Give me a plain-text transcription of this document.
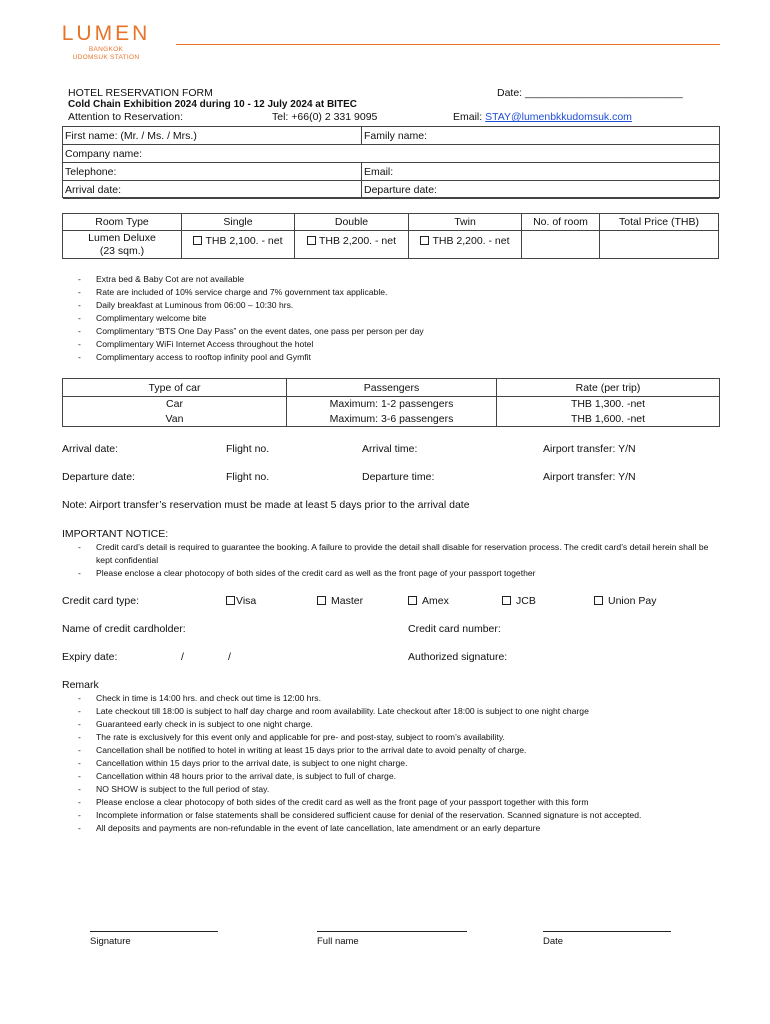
LUMEN
BANGKOK
UDOMSUK STATION
HOTEL RESERVATION FORM	Date: ___________________________
Cold Chain Exhibition 2024 during 10 - 12 July 2024 at BITEC
Attention to Reservation:	Tel: +66(0) 2 331 9095	Email: STAY@lumenbkkudomsuk.com
First name: (Mr. / Ms. / Mrs.)	Family name:
Company name:
Telephone:	Email:
Arrival date:	Departure date:
Room Type	Single	Double	Twin	No. of room	Total Price (THB)

Lumen Deluxe
(23 sqm.)	THB 2,100. - net	THB 2,200. - net	THB 2,200. - net		
- Extra bed & Baby Cot are not available
- Rate are included of 10% service charge and 7% government tax applicable.
- Daily breakfast at Luminous from 06:00 – 10:30 hrs.
- Complimentary welcome bite
- Complimentary “BTS One Day Pass” on the event dates, one pass per person per day
- Complimentary WiFi Internet Access throughout the hotel
- Complimentary access to rooftop infinity pool and Gymfit
Type of car	Passengers	Rate (per trip)
Car	Maximum: 1-2 passengers	THB 1,300. -net
Van	Maximum: 3-6 passengers	THB 1,600. -net
Arrival date:	Flight no.	Arrival time:	Airport transfer: Y/N
Departure date:	Flight no.	Departure time:	Airport transfer: Y/N
Note: Airport transfer’s reservation must be made at least 5 days prior to the arrival date
IMPORTANT NOTICE:
- Credit card’s detail is required to guarantee the booking. A failure to provide the detail shall disable for reservation process. The credit card’s detail herein shall be kept confidential
- Please enclose a clear photocopy of both sides of the credit card as well as the front page of your passport together
Credit card type:	Visa	Master	Amex	JCB	Union Pay
Name of credit cardholder:	Credit card number:
Expiry date:	/	/	Authorized signature:
Remark
- Check in time is 14:00 hrs. and check out time is 12:00 hrs.
- Late checkout till 18:00 is subject to half day charge and room availability. Late checkout after 18:00 is subject to one night charge
- Guaranteed early check in is subject to one night charge.
- The rate is exclusively for this event only and applicable for pre- and post-stay, subject to room’s availability.
- Cancellation shall be notified to hotel in writing at least 15 days prior to the arrival date to avoid penalty of charge.
- Cancellation within 15 days prior to the arrival date, is subject to one night charge.
- Cancellation within 48 hours prior to the arrival date, is subject to full of charge.
- NO SHOW is subject to the full period of stay.
- Please enclose a clear photocopy of both sides of the credit card as well as the front page of your passport together with this form
- Incomplete information or false statements shall be considered sufficient cause for denial of the reservation. Scanned signature is not accepted.
- All deposits and payments are non-refundable in the event of late cancellation, late amendment or an early departure
Signature	Full name	Date
